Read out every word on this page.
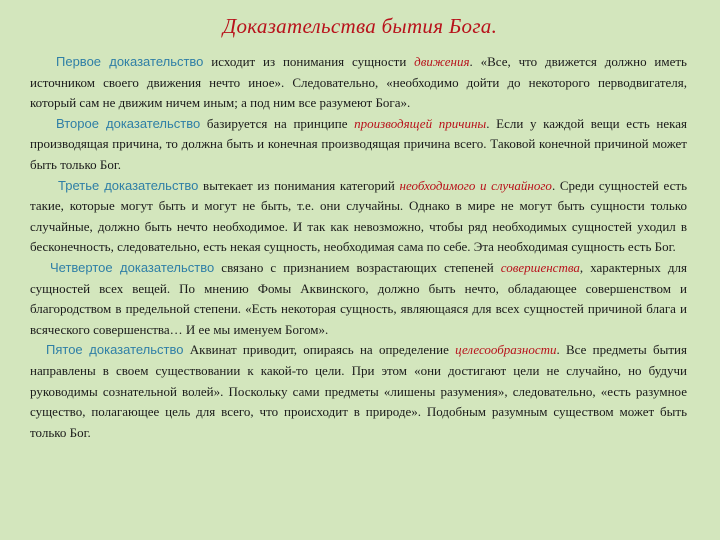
Доказательства бытия Бога.

Первое доказательство исходит из понимания сущности движения. «Все, что движется должно иметь источником своего движения нечто иное». Следовательно, «необходимо дойти до некоторого перводвигателя, который сам не движим ничем иным; а под ним все разумеют Бога».

Второе доказательство базируется на принципе производящей причины. Если у каждой вещи есть некая производящая причина, то должна быть и конечная производящая причина всего. Таковой конечной причиной может быть только Бог.

Третье доказательство вытекает из понимания категорий необходимого и случайного. Среди сущностей есть такие, которые могут быть и могут не быть, т.е. они случайны. Однако в мире не могут быть сущности только случайные, должно быть нечто необходимое. И так как невозможно, чтобы ряд необходимых сущностей уходил в бесконечность, следовательно, есть некая сущность, необходимая сама по себе. Эта необходимая сущность есть Бог.

Четвертое доказательство связано с признанием возрастающих степеней совершенства, характерных для сущностей всех вещей. По мнению Фомы Аквинского, должно быть нечто, обладающее совершенством и благородством в предельной степени. «Есть некоторая сущность, являющаяся для всех сущностей причиной блага и всяческого совершенства… И ее мы именуем Богом».

Пятое доказательство Аквинат приводит, опираясь на определение целесообразности. Все предметы бытия направлены в своем существовании к какой-то цели. При этом «они достигают цели не случайно, но будучи руководимы сознательной волей». Поскольку сами предметы «лишены разумения», следовательно, «есть разумное существо, полагающее цель для всего, что происходит в природе». Подобным разумным существом может быть только Бог.
